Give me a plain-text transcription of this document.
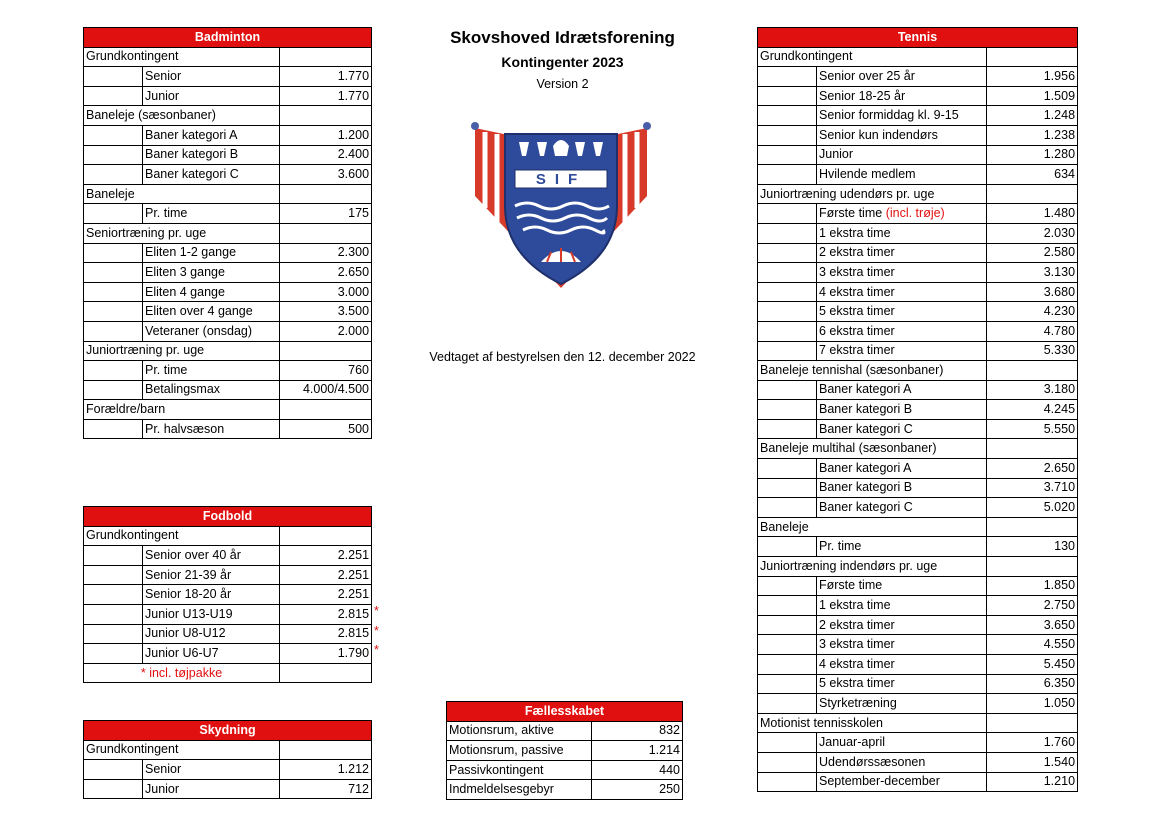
Skovshoved Idrætsforening
Kontingenter 2023
Version 2
Vedtaget af bestyrelsen den 12. december 2022
SIF
Badminton		
Grundkontingent		
	Senior	1.770
	Junior	1.770
Baneleje (sæsonbaner)		
	Baner kategori A	1.200
	Baner kategori B	2.400
	Baner kategori C	3.600
Baneleje		
	Pr. time	175
Seniortræning pr. uge		
	Eliten 1-2 gange	2.300
	Eliten 3 gange	2.650
	Eliten 4 gange	3.000
	Eliten over 4 gange	3.500
	Veteraner (onsdag)	2.000
Juniortræning pr. uge		
	Pr. time	760
	Betalingsmax	4.000/4.500
Forældre/barn		
	Pr. halvsæson	500
Fodbold		
Grundkontingent		
	Senior over 40 år	2.251
	Senior 21-39 år	2.251
	Senior 18-20 år	2.251
	Junior U13-U19	2.815
	Junior U8-U12	2.815
	Junior U6-U7	1.790
* incl. tøjpakke		
*
*
*
Skydning		
Grundkontingent		
	Senior	1.212
	Junior	712
Fællesskabet	
Motionsrum, aktive	832
Motionsrum, passive	1.214
Passivkontingent	440
Indmeldelsesgebyr	250
Tennis		
Grundkontingent		
	Senior over 25 år	1.956
	Senior 18-25 år	1.509
	Senior formiddag kl. 9-15	1.248
	Senior kun indendørs	1.238
	Junior	1.280
	Hvilende medlem	634
Juniortræning udendørs pr. uge		
	Første time (incl. trøje)	1.480
	1 ekstra time	2.030
	2 ekstra timer	2.580
	3 ekstra timer	3.130
	4 ekstra timer	3.680
	5 ekstra timer	4.230
	6 ekstra timer	4.780
	7 ekstra timer	5.330
Baneleje tennishal (sæsonbaner)		
	Baner kategori A	3.180
	Baner kategori B	4.245
	Baner kategori C	5.550
Baneleje multihal (sæsonbaner)		
	Baner kategori A	2.650
	Baner kategori B	3.710
	Baner kategori C	5.020
Baneleje		
	Pr. time	130
Juniortræning indendørs pr. uge		
	Første time	1.850
	1 ekstra time	2.750
	2 ekstra timer	3.650
	3 ekstra timer	4.550
	4 ekstra timer	5.450
	5 ekstra timer	6.350
	Styrketræning	1.050
Motionist tennisskolen		
	Januar-april	1.760
	Udendørssæsonen	1.540
	September-december	1.210
